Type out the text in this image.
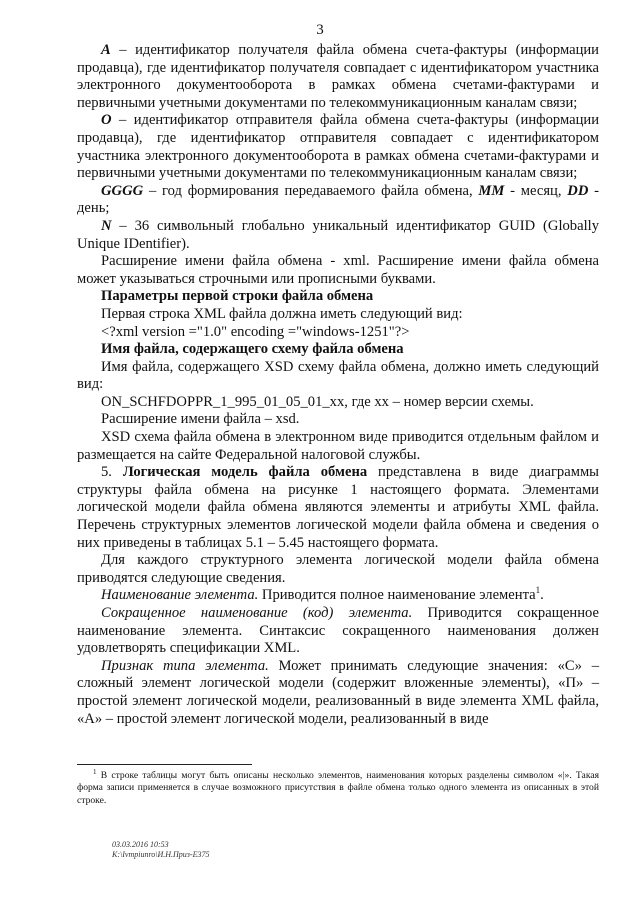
3

А – идентификатор получателя файла обмена счета-фактуры (информации продавца), где идентификатор получателя совпадает с идентификатором участника электронного документооборота в рамках обмена счетами-фактурами и первичными учетными документами по телекоммуникационным каналам связи;

О – идентификатор отправителя файла обмена счета-фактуры (информации продавца), где идентификатор отправителя совпадает с идентификатором участника электронного документооборота в рамках обмена счетами-фактурами и первичными учетными документами по телекоммуникационным каналам связи;

GGGG – год формирования передаваемого файла обмена, MM - месяц, DD - день;

N – 36 символьный глобально уникальный идентификатор GUID (Globally Unique IDentifier).

Расширение имени файла обмена - xml. Расширение имени файла обмена может указываться строчными или прописными буквами.

Параметры первой строки файла обмена

Первая строка XML файла должна иметь следующий вид:

<?xml version ="1.0" encoding ="windows-1251"?>

Имя файла, содержащего схему файла обмена

Имя файла, содержащего XSD схему файла обмена, должно иметь следующий вид:

ON_SCHFDOPPR_1_995_01_05_01_xx, где хх – номер версии схемы.

Расширение имени файла – xsd.

XSD схема файла обмена в электронном виде приводится отдельным файлом и размещается на сайте Федеральной налоговой службы.

5. Логическая модель файла обмена представлена в виде диаграммы структуры файла обмена на рисунке 1 настоящего формата. Элементами логической модели файла обмена являются элементы и атрибуты XML файла. Перечень структурных элементов логической модели файла обмена и сведения о них приведены в таблицах 5.1 – 5.45 настоящего формата.

Для каждого структурного элемента логической модели файла обмена приводятся следующие сведения.

Наименование элемента. Приводится полное наименование элемента$^1$.

Сокращенное наименование (код) элемента. Приводится сокращенное наименование элемента. Синтаксис сокращенного наименования должен удовлетворять спецификации XML.

Признак типа элемента. Может принимать следующие значения: «С» – сложный элемент логической модели (содержит вложенные элементы), «П» – простой элемент логической модели, реализованный в виде элемента XML файла, «А» – простой элемент логической модели, реализованный в виде

$^1$ В строке таблицы могут быть описаны несколько элементов, наименования которых разделены символом «|». Такая форма записи применяется в случае возможного присутствия в файле обмена только одного элемента из описанных в этой строке.
03.03.2016 10:53
K:\Ivmpiunro\И.Н.Приз-Е375
